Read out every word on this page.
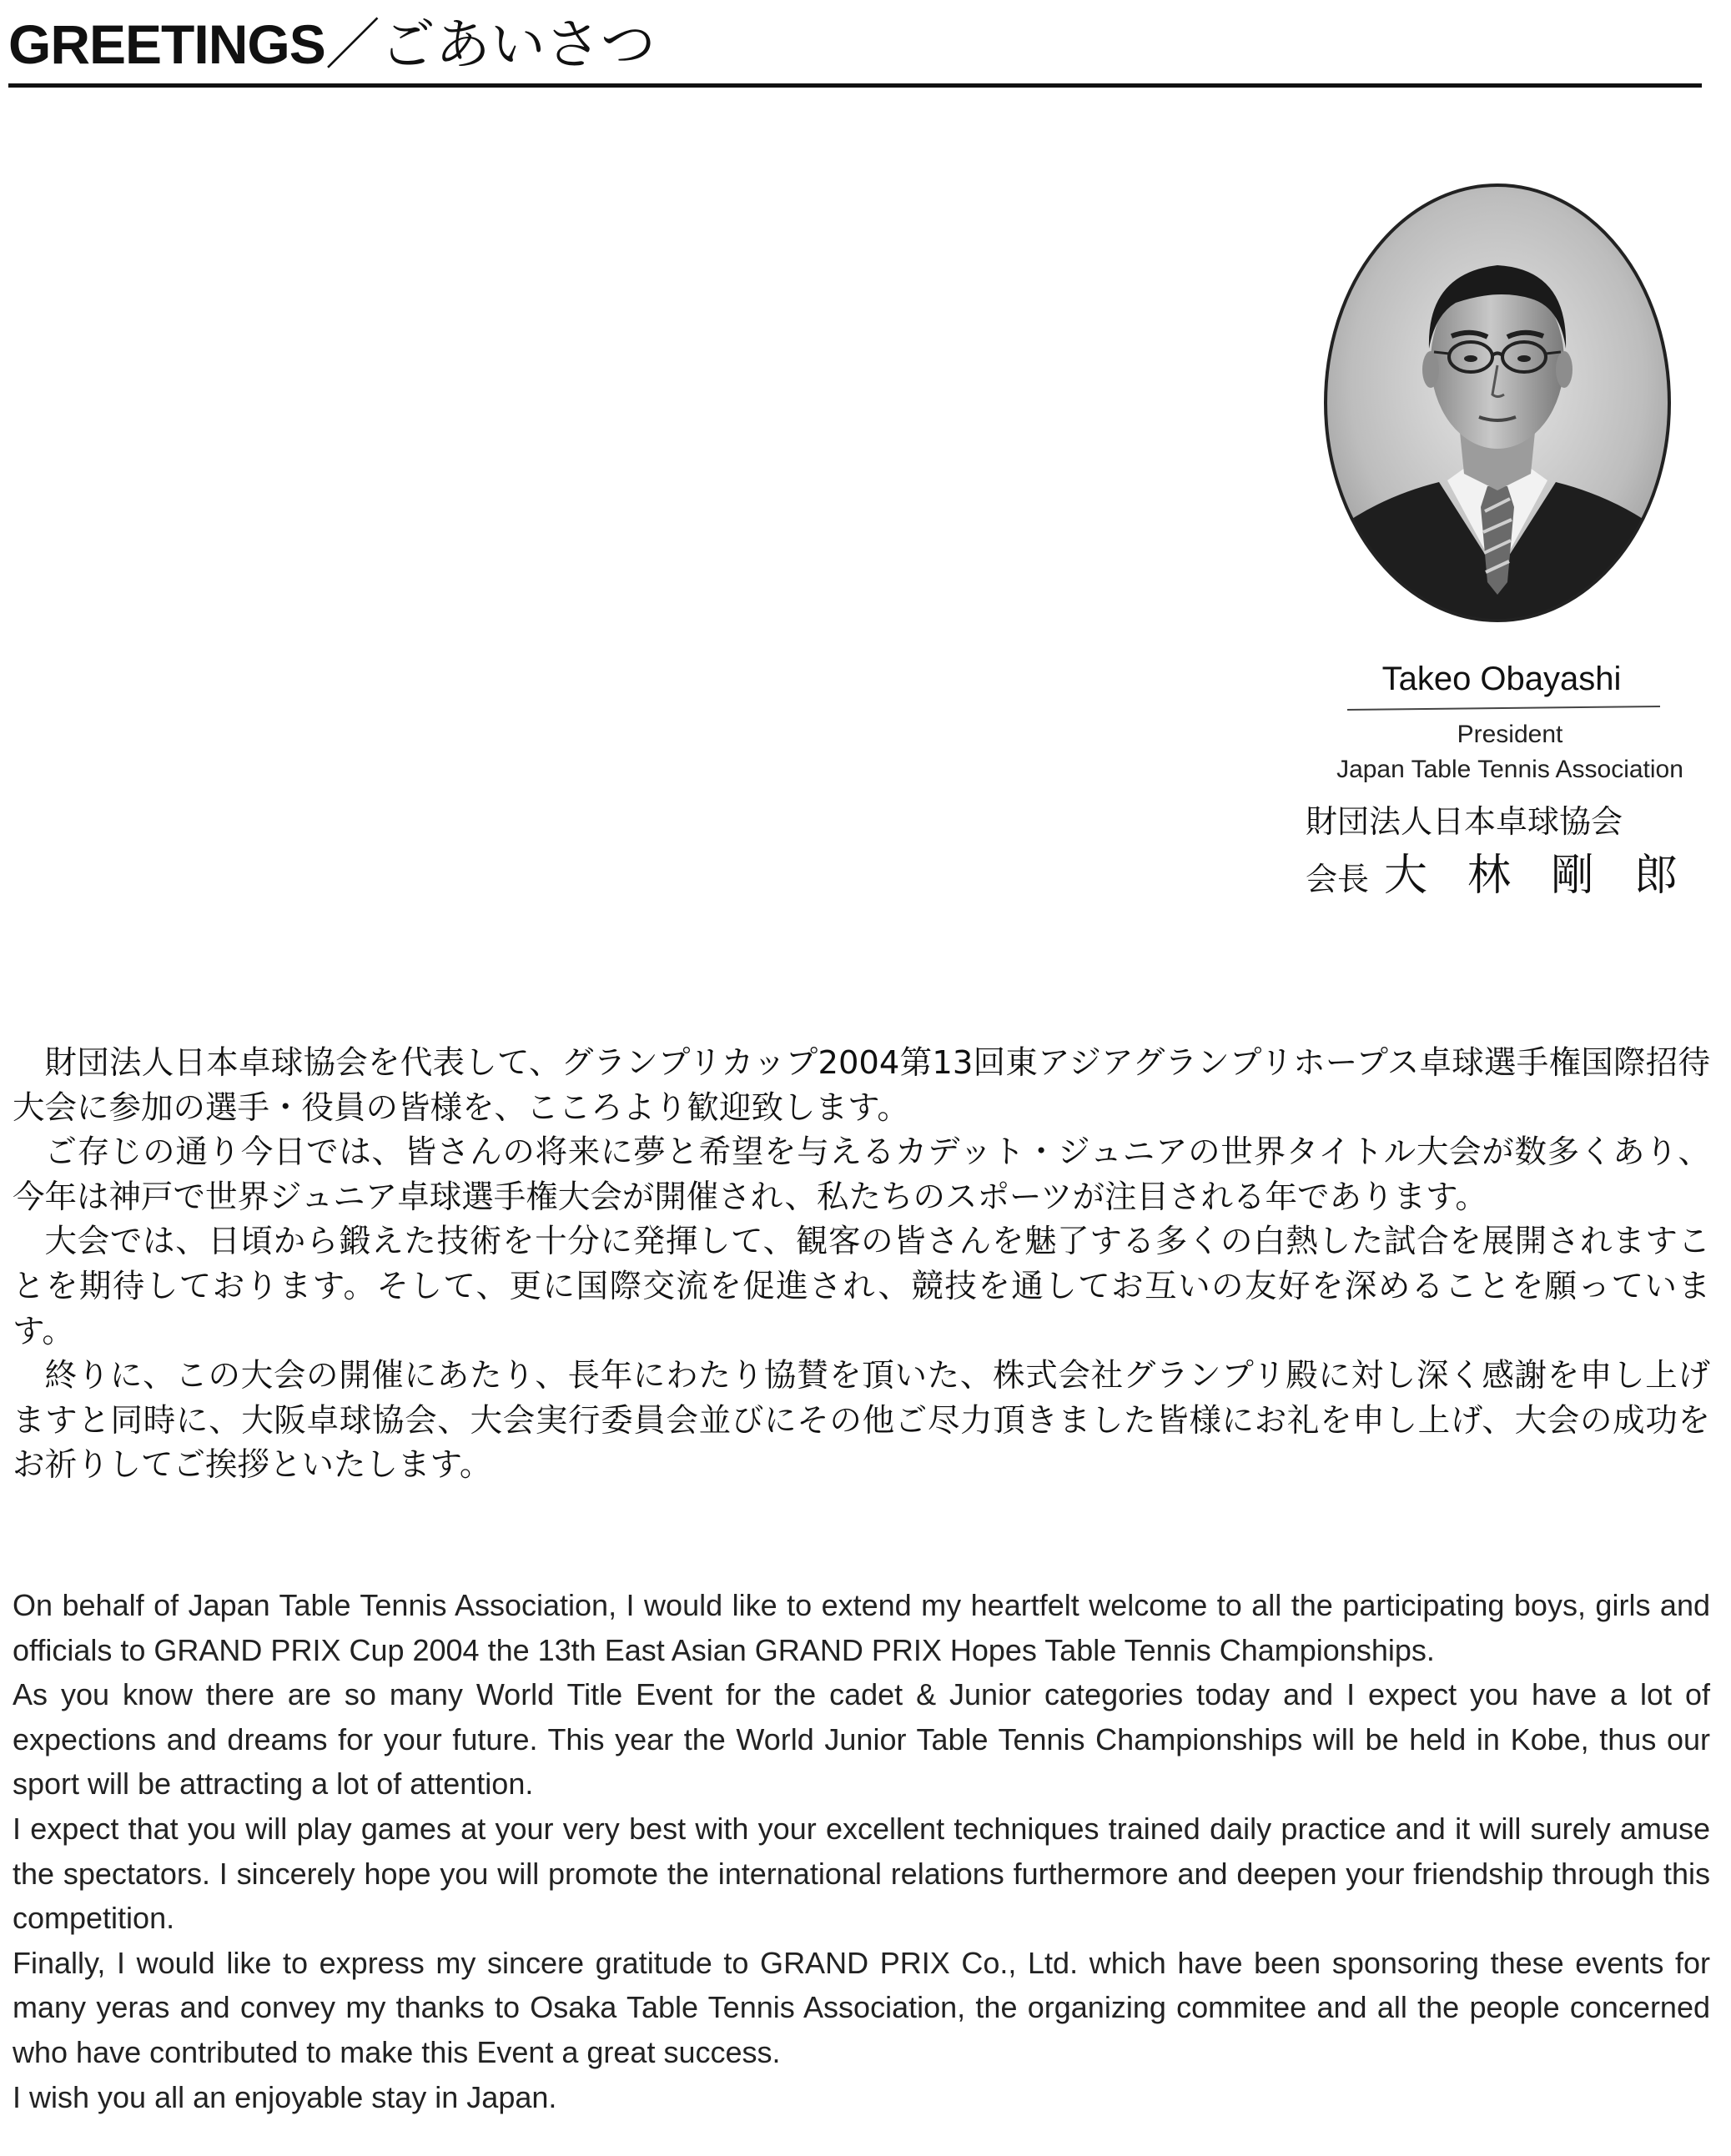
GREETINGS／ごあいさつ
Takeo Obayashi
President
Japan Table Tennis Association
財団法人日本卓球協会
会長 大林剛郎

財団法人日本卓球協会を代表して、グランプリカップ2004第13回東アジアグランプリホープス卓球選手権国際招待大会に参加の選手・役員の皆様を、こころより歓迎致します。

ご存じの通り今日では、皆さんの将来に夢と希望を与えるカデット・ジュニアの世界タイトル大会が数多くあり、今年は神戸で世界ジュニア卓球選手権大会が開催され、私たちのスポーツが注目される年であります。

大会では、日頃から鍛えた技術を十分に発揮して、観客の皆さんを魅了する多くの白熱した試合を展開されますことを期待しております。そして、更に国際交流を促進され、競技を通してお互いの友好を深めることを願っています。

終りに、この大会の開催にあたり、長年にわたり協賛を頂いた、株式会社グランプリ殿に対し深く感謝を申し上げますと同時に、大阪卓球協会、大会実行委員会並びにその他ご尽力頂きました皆様にお礼を申し上げ、大会の成功をお祈りしてご挨拶といたします。

On behalf of Japan Table Tennis Association, I would like to extend my heartfelt welcome to all the participating boys, girls and officials to GRAND PRIX Cup 2004 the 13th East Asian GRAND PRIX Hopes Table Tennis Championships.

As you know there are so many World Title Event for the cadet & Junior categories today and I expect you have a lot of expections and dreams for your future. This year the World Junior Table Tennis Championships will be held in Kobe, thus our sport will be attracting a lot of attention.

I expect that you will play games at your very best with your excellent techniques trained daily practice and it will surely amuse the spectators. I sincerely hope you will promote the international relations furthermore and deepen your friendship through this competition.

Finally, I would like to express my sincere gratitude to GRAND PRIX Co., Ltd. which have been sponsoring these events for many yeras and convey my thanks to Osaka Table Tennis Association, the organizing commitee and all the people concerned who have contributed to make this Event a great success.

I wish you all an enjoyable stay in Japan.
